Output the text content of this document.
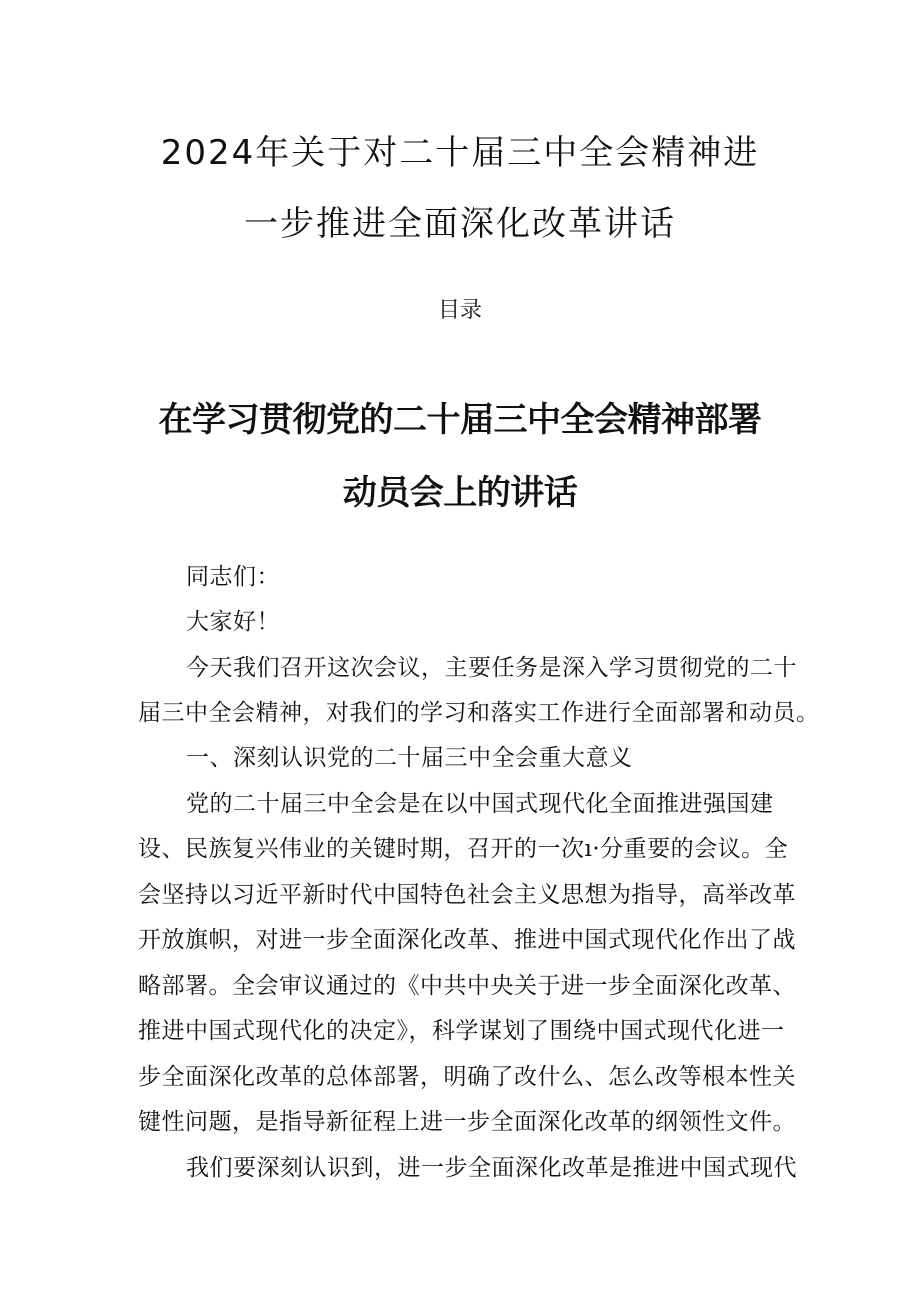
2024年关于对二十届三中全会精神进
一步推进全面深化改革讲话
目录
在学习贯彻党的二十届三中全会精神部署
动员会上的讲话
同志们：
大家好！
今天我们召开这次会议，主要任务是深入学习贯彻党的二十
届三中全会精神，对我们的学习和落实工作进行全面部署和动员。
一、深刻认识党的二十届三中全会重大意义
党的二十届三中全会是在以中国式现代化全面推进强国建
设、民族复兴伟业的关键时期，召开的一次ı·分重要的会议。全
会坚持以习近平新时代中国特色社会主义思想为指导，高举改革
开放旗帜，对进一步全面深化改革、推进中国式现代化作出了战
略部署。全会审议通过的《中共中央关于进一步全面深化改革、
推进中国式现代化的决定》，科学谋划了围绕中国式现代化进一
步全面深化改革的总体部署，明确了改什么、怎么改等根本性关
键性问题，是指导新征程上进一步全面深化改革的纲领性文件。
我们要深刻认识到，进一步全面深化改革是推进中国式现代
